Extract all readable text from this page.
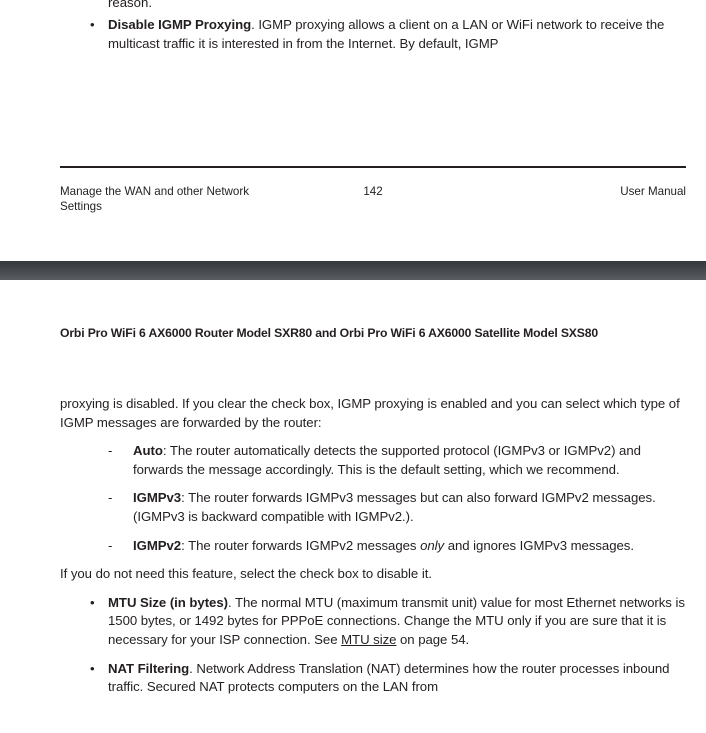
reason.
• Disable IGMP Proxying. IGMP proxying allows a client on a LAN or WiFi network to receive the multicast traffic it is interested in from the Internet. By default, IGMP
Manage the WAN and other Network Settings
142	User Manual
Orbi Pro WiFi 6 AX6000 Router Model SXR80 and Orbi Pro WiFi 6 AX6000 Satellite Model SXS80

proxying is disabled. If you clear the check box, IGMP proxying is enabled and you can select which type of IGMP messages are forwarded by the router:

- Auto: The router automatically detects the supported protocol (IGMPv3 or IGMPv2) and forwards the message accordingly. This is the default setting, which we recommend.
- IGMPv3: The router forwards IGMPv3 messages but can also forward IGMPv2 messages. (IGMPv3 is backward compatible with IGMPv2.).
- IGMPv2: The router forwards IGMPv2 messages only and ignores IGMPv3 messages.

If you do not need this feature, select the check box to disable it.

• MTU Size (in bytes). The normal MTU (maximum transmit unit) value for most Ethernet networks is 1500 bytes, or 1492 bytes for PPPoE connections. Change the MTU only if you are sure that it is necessary for your ISP connection. See MTU size on page 54.
• NAT Filtering. Network Address Translation (NAT) determines how the router processes inbound traffic. Secured NAT protects computers on the LAN from
